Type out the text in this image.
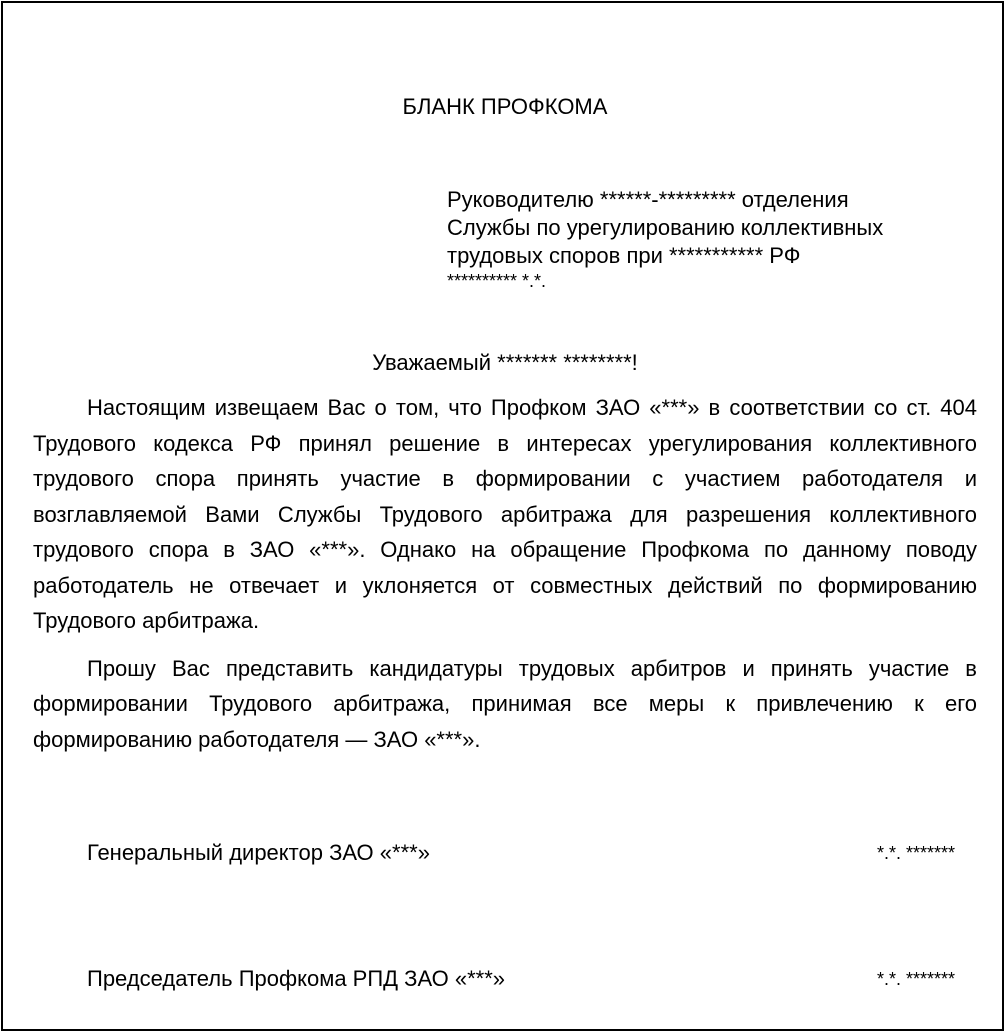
БЛАНК ПРОФКОМА
Руководителю ******-********* отделения
Службы по урегулированию коллективных
трудовых споров при *********** РФ
********** *.*.
Уважаемый ******* ********!

Настоящим извещаем Вас о том, что Профком ЗАО «***» в соответствии со ст. 404 Трудового кодекса РФ принял решение в интересах урегулирования коллективного трудового спора принять участие в формировании с участием работодателя и возглавляемой Вами Службы Трудового арбитража для разрешения коллективного трудового спора в ЗАО «***». Однако на обращение Профкома по данному поводу работодатель не отвечает и уклоняется от совместных действий по формированию Трудового арбитража.

Прошу Вас представить кандидатуры трудовых арбитров и принять участие в формировании Трудового арбитража, принимая все меры к привлечению к его формированию работодателя — ЗАО «***».

Генеральный директор ЗАО «***»	*.*. *******
Председатель Профкома РПД ЗАО «***»	*.*. *******
